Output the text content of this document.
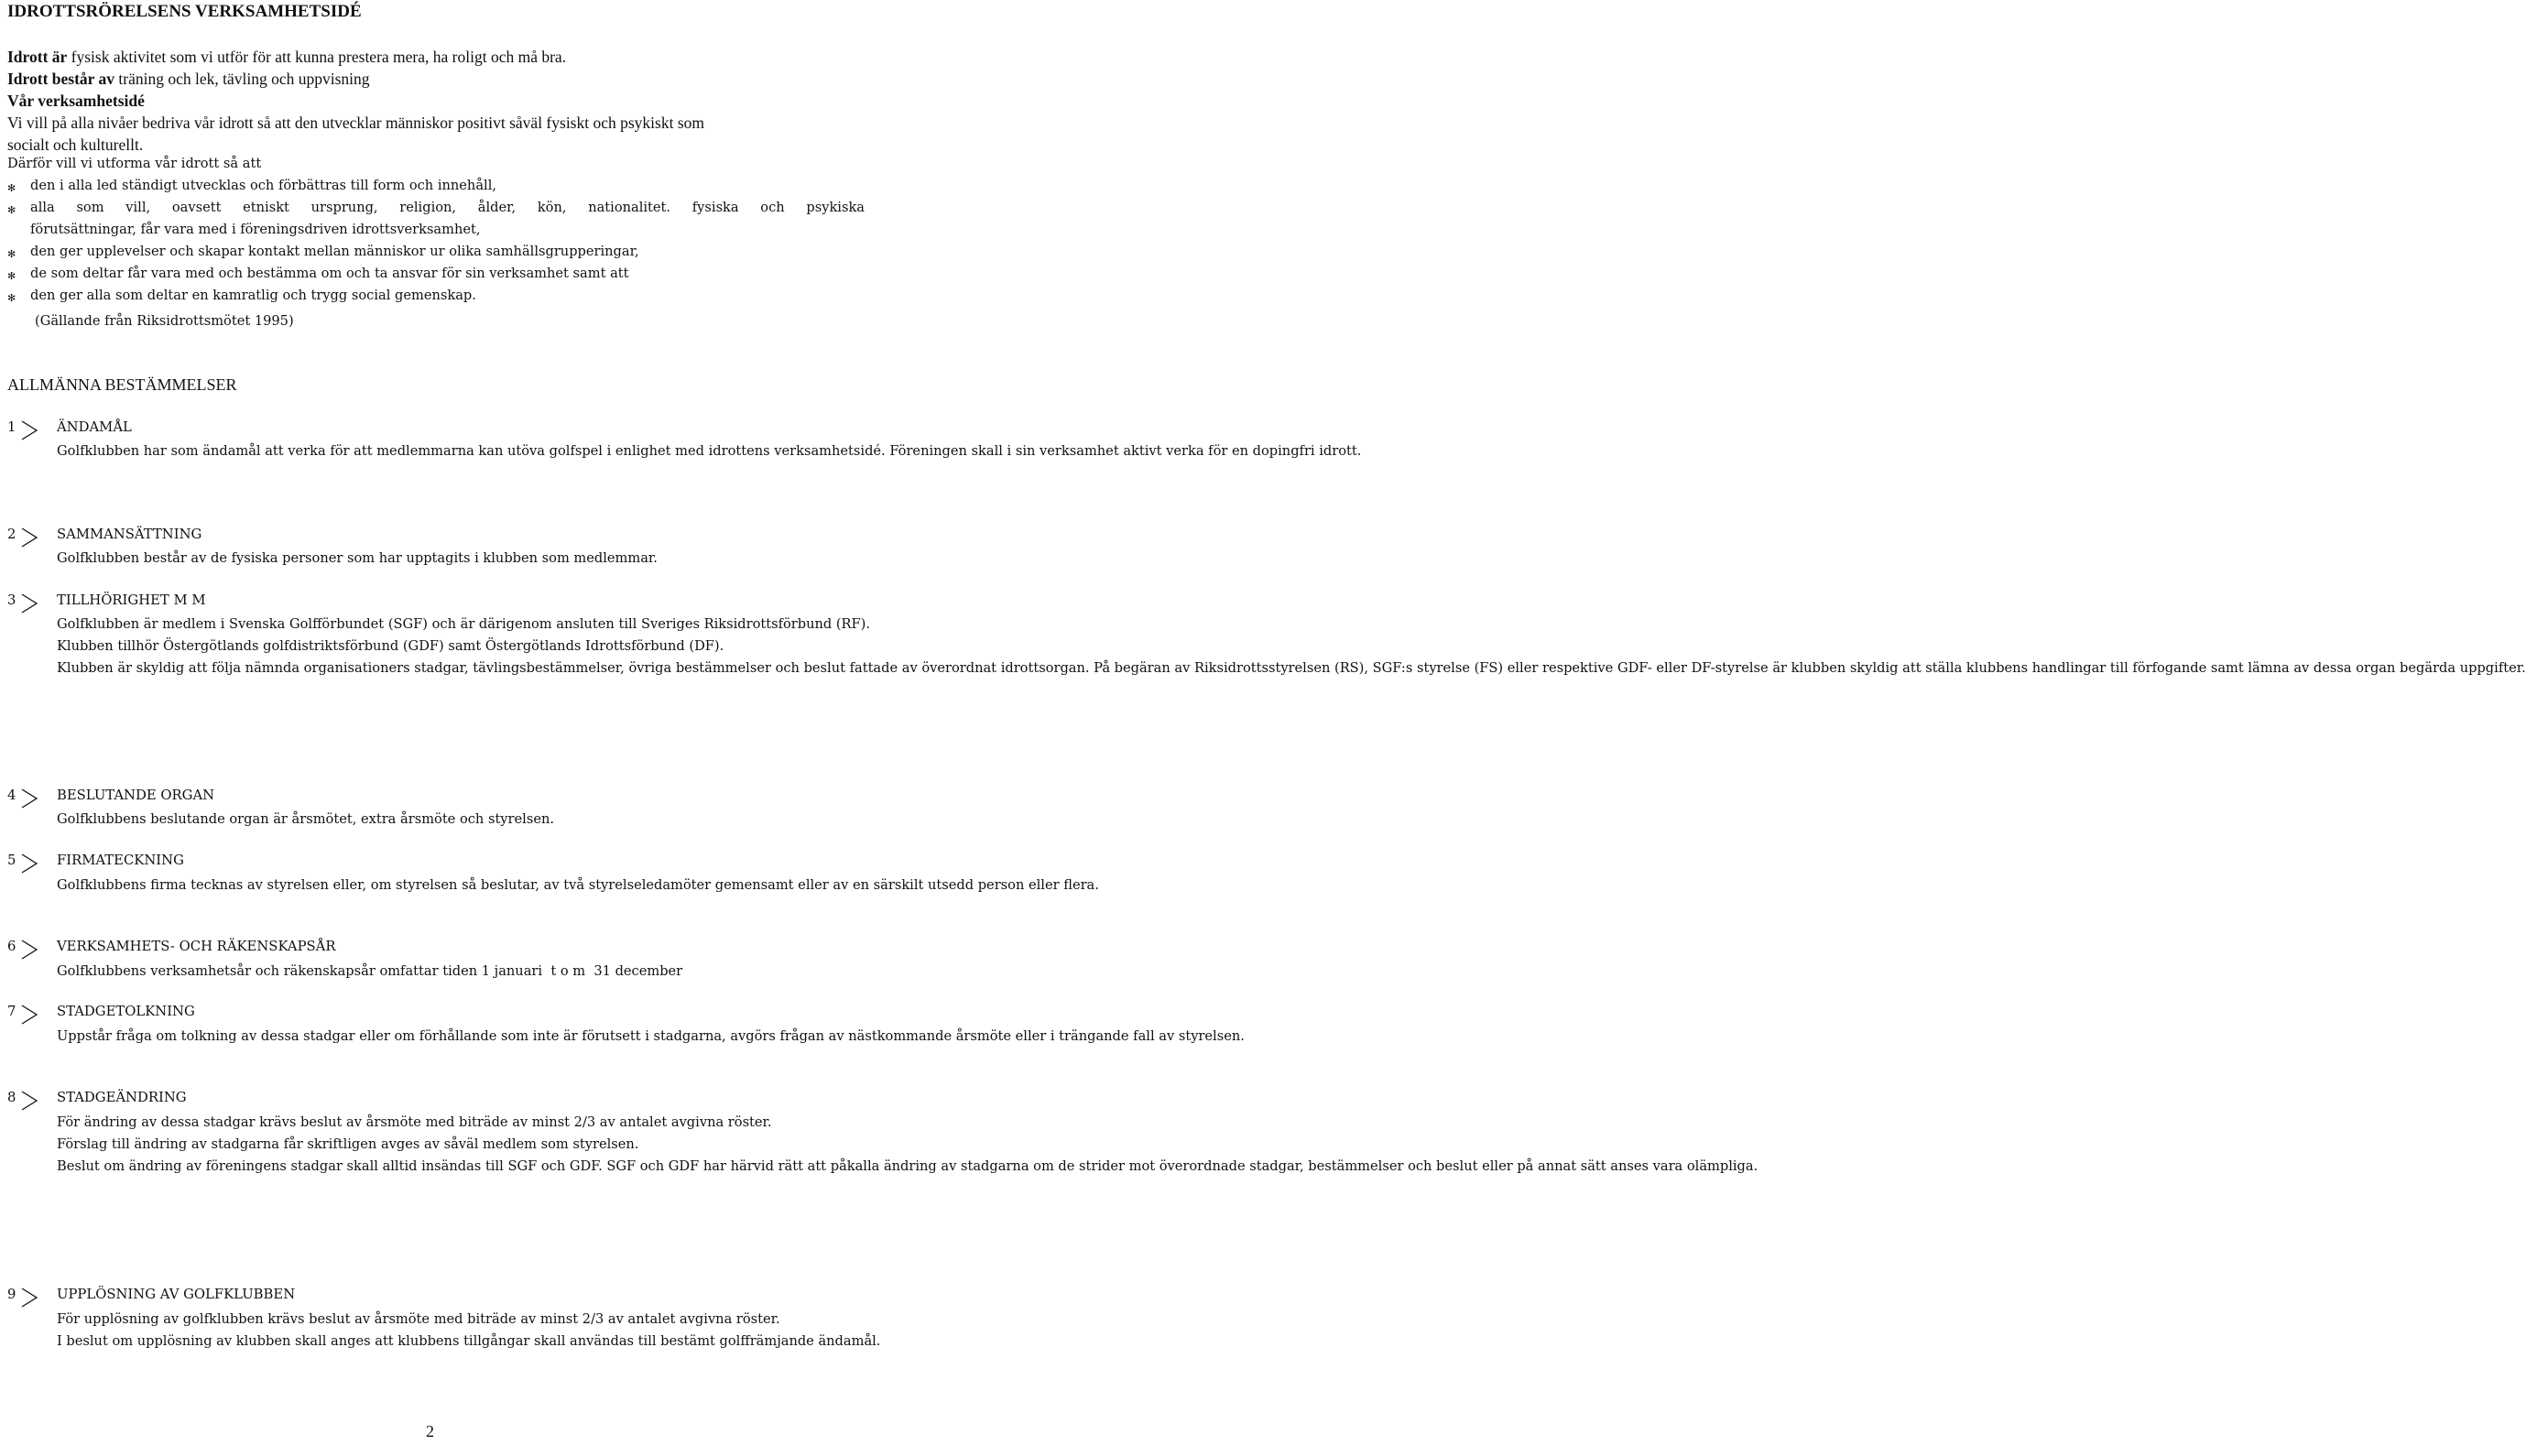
IDROTTSRÖRELSENS VERKSAMHETSIDÉ
Idrott är fysisk aktivitet som vi utför för att kunna prestera mera, ha roligt och må bra.
Idrott består av träning och lek, tävling och uppvisning
Vår verksamhetsidé
Vi vill på alla nivåer bedriva vår idrott så att den utvecklar människor positivt såväl fysiskt och psykiskt som
socialt och kulturellt.
Därför vill vi utforma vår idrott så att
✻ den i alla led ständigt utvecklas och förbättras till form och innehåll,
✻ alla som vill, oavsett etniskt ursprung, religion, ålder, kön, nationalitet. fysiska och psykiska
förutsättningar, får vara med i föreningsdriven idrottsverksamhet,
✻ den ger upplevelser och skapar kontakt mellan människor ur olika samhällsgrupperingar,
✻ de som deltar får vara med och bestämma om och ta ansvar för sin verksamhet samt att
✻ den ger alla som deltar en kamratlig och trygg social gemenskap.
(Gällande från Riksidrottsmötet 1995)
ALLMÄNNA BESTÄMMELSER
1	ÄNDAMÅL

Golfklubben har som ändamål att verka för att medlemmarna kan utöva golfspel i enlighet med idrottens verksamhetsidé. Föreningen skall i sin verksamhet aktivt verka för en dopingfri idrott.

2	SAMMANSÄTTNING

Golfklubben består av de fysiska personer som har upptagits i klubben som medlemmar.

3	TILLHÖRIGHET M M

Golfklubben är medlem i Svenska Golfförbundet (SGF) och är därigenom ansluten till Sveriges Riksidrottsförbund (RF).

Klubben tillhör Östergötlands golfdistriktsförbund (GDF) samt Östergötlands Idrottsförbund (DF).

Klubben är skyldig att följa nämnda organisationers stadgar, tävlingsbestämmelser, övriga bestämmelser och beslut fattade av överordnat idrottsorgan. På begäran av Riksidrottsstyrelsen (RS), SGF:s styrelse (FS) eller respektive GDF- eller DF-styrelse är klubben skyldig att ställa klubbens handlingar till förfogande samt lämna av dessa organ begärda uppgifter.

4	BESLUTANDE ORGAN

Golfklubbens beslutande organ är årsmötet, extra årsmöte och styrelsen.

5	FIRMATECKNING

Golfklubbens firma tecknas av styrelsen eller, om styrelsen så beslutar, av två styrelseledamöter gemensamt eller av en särskilt utsedd person eller flera.

6	VERKSAMHETS- OCH RÄKENSKAPSÅR

Golfklubbens verksamhetsår och räkenskapsår omfattar tiden 1 januari  t o m  31 december

7	STADGETOLKNING

Uppstår fråga om tolkning av dessa stadgar eller om förhållande som inte är förutsett i stadgarna, avgörs frågan av nästkommande årsmöte eller i trängande fall av styrelsen.

8	STADGEÄNDRING

För ändring av dessa stadgar krävs beslut av årsmöte med biträde av minst 2/3 av antalet avgivna röster.

Förslag till ändring av stadgarna får skriftligen avges av såväl medlem som styrelsen.

Beslut om ändring av föreningens stadgar skall alltid insändas till SGF och GDF. SGF och GDF har härvid rätt att påkalla ändring av stadgarna om de strider mot överordnade stadgar, bestämmelser och beslut eller på annat sätt anses vara olämpliga.

9	UPPLÖSNING AV GOLFKLUBBEN

För upplösning av golfklubben krävs beslut av årsmöte med biträde av minst 2/3 av antalet avgivna röster.

I beslut om upplösning av klubben skall anges att klubbens tillgångar skall användas till bestämt golffrämjande ändamål.

2
